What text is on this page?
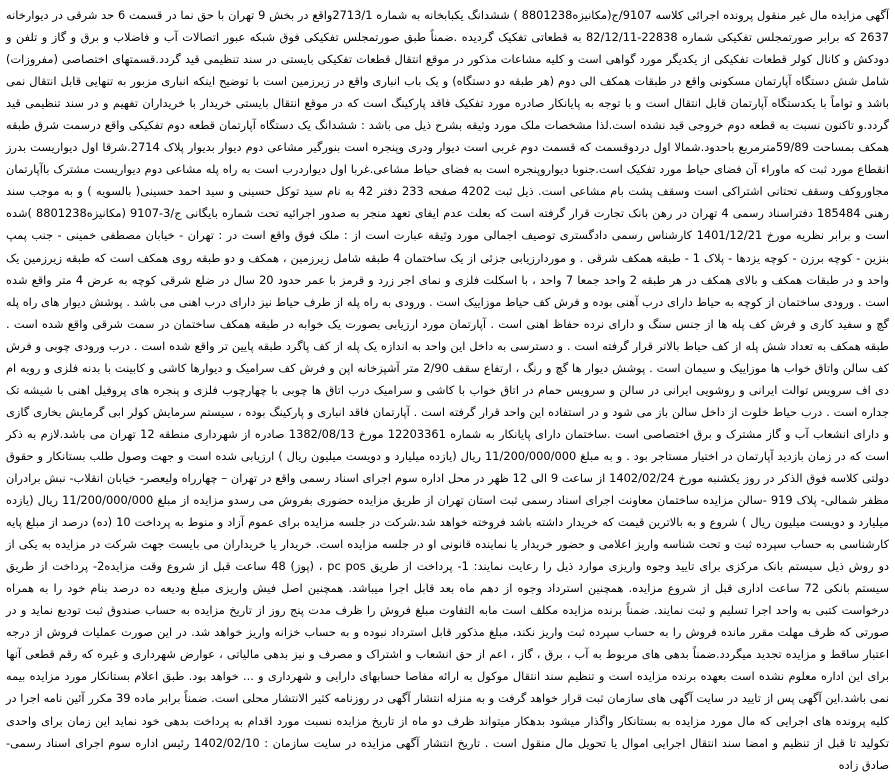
آگهی مزایده مال غیر منقول پرونده اجرائی کلاسه 9107/ج(مکانیزه8801238 ) ششدانگ یکبابخانه به شماره 2713/1واقع در بخش 9 تهران با حق نما در قسمت 6 حد شرقی در دیوارخانه 2637 که برابر صورتمجلس تفکیکی شماره 22838-82/12/11 به قطعاتی تفکیک گردیده .ضمناً طبق صورتمجلس تفکیکی فوق شبکه عبور اتصالات آب و فاضلاب و برق و گاز و تلفن و دودکش و کانال کولر قطعات تفکیکی از یکدیگر مورد گواهی است و کلیه مشاعات مذکور در موقع انتقال قطعات تفکیکی بایستی در سند تنظیمی قید گردد.قسمتهای اختصاصی (مفروزات) شامل شش دستگاه آپارتمان مسکونی واقع در طبقات همکف الی دوم (هر طبقه دو دستگاه) و یک باب انباری واقع در زیرزمین است با توضیح اینکه انباری مزبور به تنهایی قابل انتقال نمی باشد و تواماً با یکدستگاه آپارتمان قابل انتقال است و با توجه به پایانکار صادره مورد تفکیک فاقد پارکینگ است که در موقع انتقال بایستی خریدار با خریداران تفهیم و در سند تنظیمی قید گردد.و تاکنون نسبت به قطعه دوم خروجی قید نشده است.لذا مشخصات ملک مورد وثیقه بشرح ذیل می باشد : ششدانگ یک دستگاه آپارتمان قطعه دوم تفکیکی واقع درسمت شرق طبقه همکف بمساحت 59/89مترمربع باحدود.شمالا اول دردوقسمت که قسمت دوم غربی است دیوار ودری وپنجره است بنورگیر مشاعی دوم دیوار بدیوار پلاک 2714.شرقا اول دیواریست بدرز انقطاع مورد ثبت که ماوراء آن فضای حیاط مورد تفکیک است.جنوبا دیواروپنجره است به فضای حیاط مشاعی.غربا اول دیواردرب است به راه پله مشاعی دوم دیواریست مشترک باآپارتمان مجاوروکف وسقف تحتانی اشتراکی است وسقف پشت بام مشاعی است. ذیل ثبت 4202 صفحه 233 دفتر 42 به نام سید توکل حسینی و سید احمد حسینی( بالسویه ) و به موجب سند رهنی 185484 دفتراسناد رسمی 4 تهران در رهن بانک تجارت قرار گرفته است که بعلت عدم ایفای تعهد منجر به صدور اجرائیه تحت شماره بایگانی ج/3-9107 (مکانیزه8801238 )شده است و برابر نظریه مورخ 1401/12/21 کارشناس رسمی دادگستری توصیف اجمالی مورد وثیقه عبارت است از : ملک فوق واقع است در : تهران - خیابان مصطفی خمینی - جنب پمپ بنزین - کوچه برزن - کوچه یزدها - پلاک 1 - طبقه همکف شرقی . و موردارزیابی جزئی از یک ساختمان 4 طبقه شامل زیرزمین ، همکف و دو طبقه روی همکف است که طبقه زیرزمین یک واحد و در طبقات همکف و بالای همکف در هر طبقه 2 واحد جمعا 7 واحد ، با اسکلت فلزی و نمای اجر زرد و قرمز با عمر حدود 20 سال در ضلع شرقی کوچه به عرض 4 متر واقع شده است . ورودی ساختمان از کوچه به حیاط دارای درب آهنی بوده و فرش کف حیاط موزاییک است . ورودی به راه پله از طرف حیاط نیز دارای درب اهنی می باشد . پوشش دیوار های راه پله گچ و سفید کاری و فرش کف پله ها از جنس سنگ و دارای نرده حفاظ اهنی است . آپارتمان مورد ارزیابی بصورت یک خوابه در طبقه همکف ساختمان در سمت شرقی واقع شده است . طبقه همکف به تعداد شش پله از کف حیاط بالاتر قرار گرفته است . و دسترسی به داخل این واحد به اندازه یک پله از کف پاگرد طبقه پایین تر واقع شده است . درب ورودی چوبی و فرش کف سالن واتاق خواب ها موزاییک و سیمان است . پوشش دیوار ها گچ و رنگ ، ارتفاع سقف 2/90 متر آشپزخانه اپن و فرش کف سرامیک و دیوارها کاشی و کابینت با بدنه فلزی و رویه ام دی اف سرویس توالت ایرانی و روشویی ایرانی در سالن و سرویس حمام در اتاق خواب با کاشی و سرامیک درب اتاق ها چوبی با چهارچوب فلزی و پنجره های پروفیل اهنی با شیشه تک جداره است . درب حیاط خلوت از داخل سالن باز می شود و در استفاده این واحد قرار گرفته است . آپارتمان فاقد انباری و پارکینگ بوده ، سیستم سرمایش کولر ابی گرمایش بخاری گازی و دارای انشعاب آب و گاز مشترک و برق اختصاصی است .ساختمان دارای پایانکار به شماره 12203361 مورخ 1382/08/13 صادره از شهرداری منطقه 12 تهران می باشد.لازم به ذکر است که در زمان بازدید آپارتمان در اختیار مستاجر بود . و به مبلغ 11/200/000/000 ریال (یازده میلیارد و دویست میلیون ریال ) ارزیابی شده است و جهت وصول طلب بستانکار و حقوق دولتی کلاسه فوق الذکر در روز یکشنبه مورخ 1402/02/24 از ساعت 9 الی 12 ظهر در محل اداره سوم اجرای اسناد رسمی واقع در تهران – چهارراه ولیعصر- خیابان انقلاب- نبش برادران مظفر شمالی- پلاک 919 -سالن مزایده ساختمان معاونت اجرای اسناد رسمی ثبت استان تهران از طریق مزایده حضوری بفروش می رسدو مزایده از مبلغ 11/200/000/000 ریال (یازده میلیارد و دویست میلیون ریال ) شروع و به بالاترین قیمت که خریدار داشته باشد فروخته خواهد شد.شرکت در جلسه مزایده برای عموم آزاد و منوط به پرداخت 10 (ده) درصد از مبلغ پایه کارشناسی به حساب سپرده ثبت و تحت شناسه واریز اعلامی و حضور خریدار یا نماینده قانونی او در جلسه مزایده است. خریدار یا خریداران می بایست جهت شرکت در مزایده به یکی از دو روش ذیل سیستم بانک مرکزی برای تایید وجوه واریزی موارد ذیل را رعایت نمایند: 1- پرداخت از طریق pc pos ، (پوز) 48 ساعت قبل از شروع وقت مزایده2- پرداخت از طریق سیستم بانکی 72 ساعت اداری قبل از شروع مزایده. همچنین استرداد وجوه از دهم ماه بعد قابل اجرا میباشد. همچنین اصل فیش واریزی مبلغ ودیعه ده درصد بنام خود را به همراه درخواست کتبی به واحد اجرا تسلیم و ثبت نمایند. ضمناً برنده مزایده مکلف است مابه التفاوت مبلغ فروش را ظرف مدت پنج روز از تاریخ مزایده به حساب صندوق ثبت تودیع نماید و در صورتی که ظرف مهلت مقرر مانده فروش را به حساب سپرده ثبت واریز نکند، مبلغ مذکور قابل استرداد نبوده و به حساب خزانه واریز خواهد شد. در این صورت عملیات فروش از درجه اعتبار ساقط و مزایده تجدید میگردد.ضمناً بدهی های مربوط به آب ، برق ، گاز ، اعم از حق انشعاب و اشتراک و مصرف و نیز بدهی مالیاتی ، عوارض شهرداری و غیره که رقم قطعی آنها برای این اداره معلوم نشده است بعهده برنده مزایده است و تنظیم سند انتقال موکول به ارائه مفاصا حسابهای دارایی و شهرداری و ... خواهد بود. طبق اعلام بستانکار مورد مزایده بیمه نمی باشد.این آگهی پس از تایید در سایت آگهی های سازمان ثبت قرار خواهد گرفت و به منزله انتشار آگهی در روزنامه کثیر الانتشار محلی است. ضمناً برابر ماده 39 مکرر آئین نامه اجرا در کلیه پرونده های اجرایی که مال مورد مزایده به بستانکار واگذار میشود بدهکار میتواند ظرف دو ماه از تاریخ مزایده نسبت مورد اقدام به پرداخت بدهی خود نماید این زمان برای واحدی تکولید تا قبل از تنظیم و امضا سند انتقال اجرایی اموال یا تحویل مال منقول است . تاریخ انتشار آگهی مزایده در سایت سازمان : 1402/02/10 رئیس اداره سوم اجرای اسناد رسمی- صادق زاده
